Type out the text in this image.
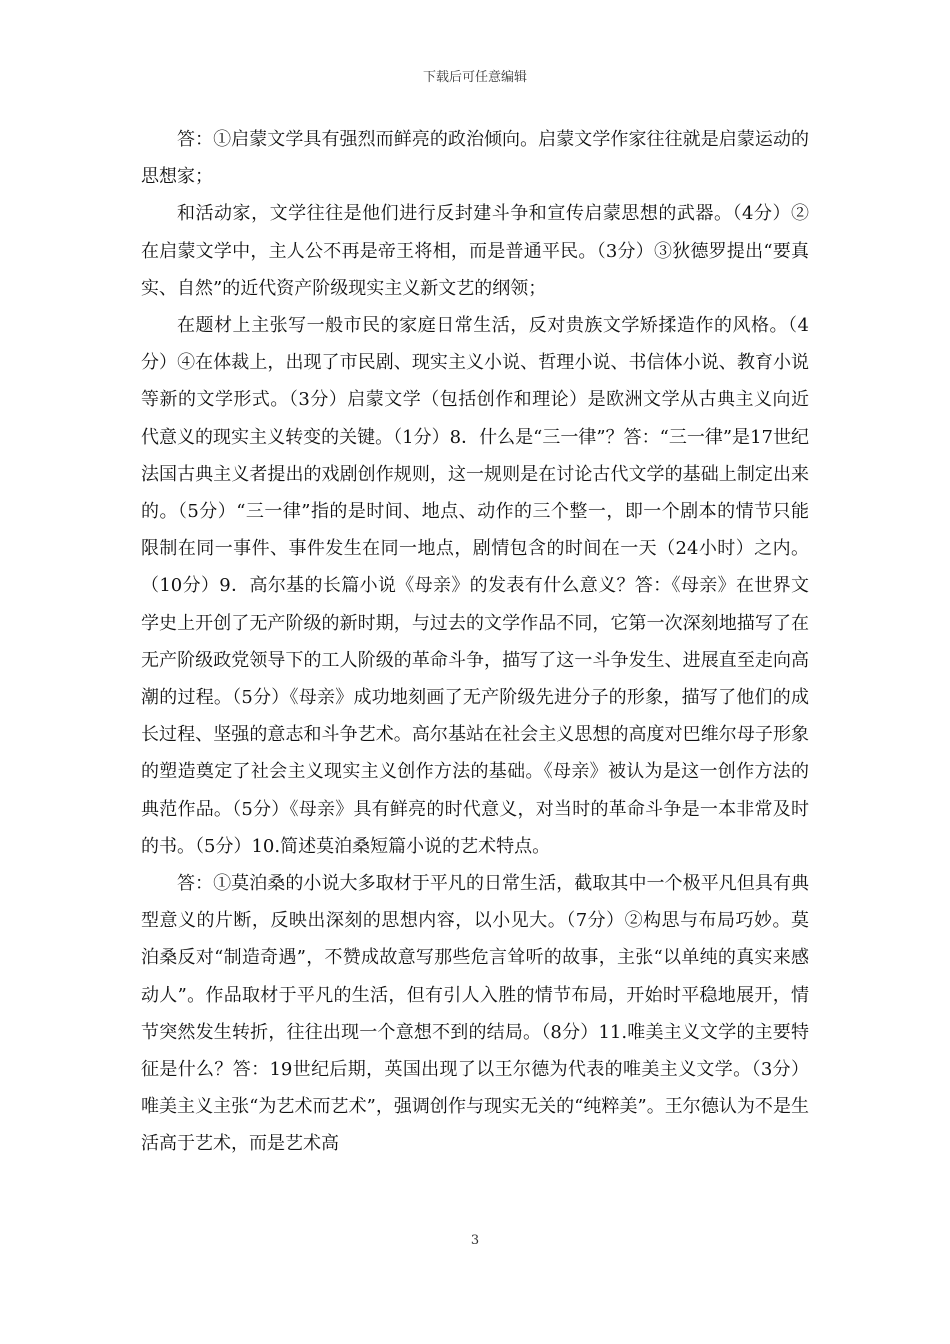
下载后可任意编辑

答：①启蒙文学具有强烈而鲜亮的政治倾向。启蒙文学作家往往就是启蒙运动的思想家；

和活动家，文学往往是他们进行反封建斗争和宣传启蒙思想的武器。（4分）②在启蒙文学中，主人公不再是帝王将相，而是普通平民。（3分）③狄德罗提出“要真实、自然”的近代资产阶级现实主义新文艺的纲领；

在题材上主张写一般市民的家庭日常生活，反对贵族文学矫揉造作的风格。（4分）④在体裁上，出现了市民剧、现实主义小说、哲理小说、书信体小说、教育小说等新的文学形式。（3分）启蒙文学（包括创作和理论）是欧洲文学从古典主义向近代意义的现实主义转变的关键。（1分）8．什么是“三一律”？答：“三一律”是17世纪法国古典主义者提出的戏剧创作规则，这一规则是在讨论古代文学的基础上制定出来的。（5分）“三一律”指的是时间、地点、动作的三个整一，即一个剧本的情节只能限制在同一事件、事件发生在同一地点，剧情包含的时间在一天（24小时）之内。（10分）9．高尔基的长篇小说《母亲》的发表有什么意义？答：《母亲》在世界文学史上开创了无产阶级的新时期，与过去的文学作品不同，它第一次深刻地描写了在无产阶级政党领导下的工人阶级的革命斗争，描写了这一斗争发生、进展直至走向高潮的过程。（5分）《母亲》成功地刻画了无产阶级先进分子的形象，描写了他们的成长过程、坚强的意志和斗争艺术。高尔基站在社会主义思想的高度对巴维尔母子形象的塑造奠定了社会主义现实主义创作方法的基础。《母亲》被认为是这一创作方法的典范作品。（5分）《母亲》具有鲜亮的时代意义，对当时的革命斗争是一本非常及时的书。（5分）10.简述莫泊桑短篇小说的艺术特点。

答：①莫泊桑的小说大多取材于平凡的日常生活，截取其中一个极平凡但具有典型意义的片断，反映出深刻的思想内容，以小见大。（7分）②构思与布局巧妙。莫泊桑反对“制造奇遇”，不赞成故意写那些危言耸听的故事，主张“以单纯的真实来感动人”。作品取材于平凡的生活，但有引人入胜的情节布局，开始时平稳地展开，情节突然发生转折，往往出现一个意想不到的结局。（8分）11.唯美主义文学的主要特征是什么？答：19世纪后期，英国出现了以王尔德为代表的唯美主义文学。（3分）唯美主义主张“为艺术而艺术”，强调创作与现实无关的“纯粹美”。王尔德认为不是生活高于艺术，而是艺术高

3
